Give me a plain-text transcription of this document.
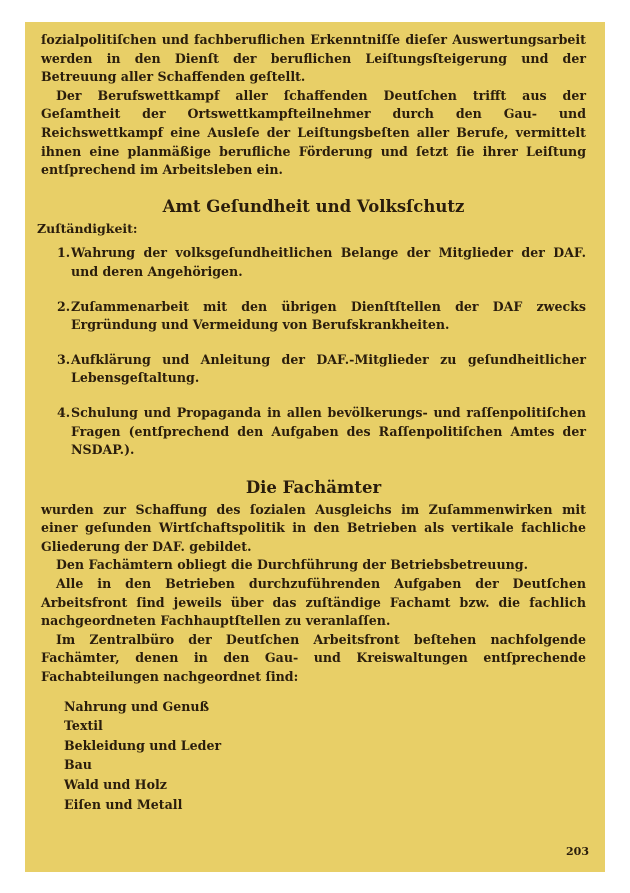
ſozialpolitiſchen und fachberuflichen Erkenntniſſe dieſer Auswertungsarbeit werden in den Dienſt der beruflichen Leiſtungsſteigerung und der Betreuung aller Schaffenden geſtellt.

Der Berufswettkampf aller ſchaffenden Deutſchen trifft aus der Geſamtheit der Ortswettkampfteilnehmer durch den Gau- und Reichswettkampf eine Ausleſe der Leiſtungsbeſten aller Berufe, vermittelt ihnen eine planmäßige berufliche Förderung und ſetzt ſie ihrer Leiſtung entſprechend im Arbeitsleben ein.

Amt Geſundheit und Volksſchutz
Zuſtändigkeit:
1. Wahrung der volksgeſundheitlichen Belange der Mitglieder der DAF. und deren Angehörigen.
2. Zuſammenarbeit mit den übrigen Dienſtſtellen der DAF zwecks Ergründung und Vermeidung von Berufskrankheiten.
3. Aufklärung und Anleitung der DAF.-Mitglieder zu geſundheitlicher Lebensgeſtaltung.
4. Schulung und Propaganda in allen bevölkerungs- und raſſenpolitiſchen Fragen (entſprechend den Aufgaben des Raſſenpolitiſchen Amtes der NSDAP.).
Die Fachämter

wurden zur Schaffung des ſozialen Ausgleichs im Zuſammenwirken mit einer geſunden Wirtſchaftspolitik in den Betrieben als vertikale fachliche Gliederung der DAF. gebildet.

Den Fachämtern obliegt die Durchführung der Betriebsbetreuung.

Alle in den Betrieben durchzuführenden Aufgaben der Deutſchen Arbeitsfront ſind jeweils über das zuſtändige Fachamt bzw. die fachlich nachgeordneten Fachhauptſtellen zu veranlaſſen.

Im Zentralbüro der Deutſchen Arbeitsfront beſtehen nachfolgende Fachämter, denen in den Gau- und Kreiswaltungen entſprechende Fachabteilungen nachgeordnet ſind:

Nahrung und Genuß
Textil
Bekleidung und Leder
Bau
Wald und Holz
Eiſen und Metall
203
